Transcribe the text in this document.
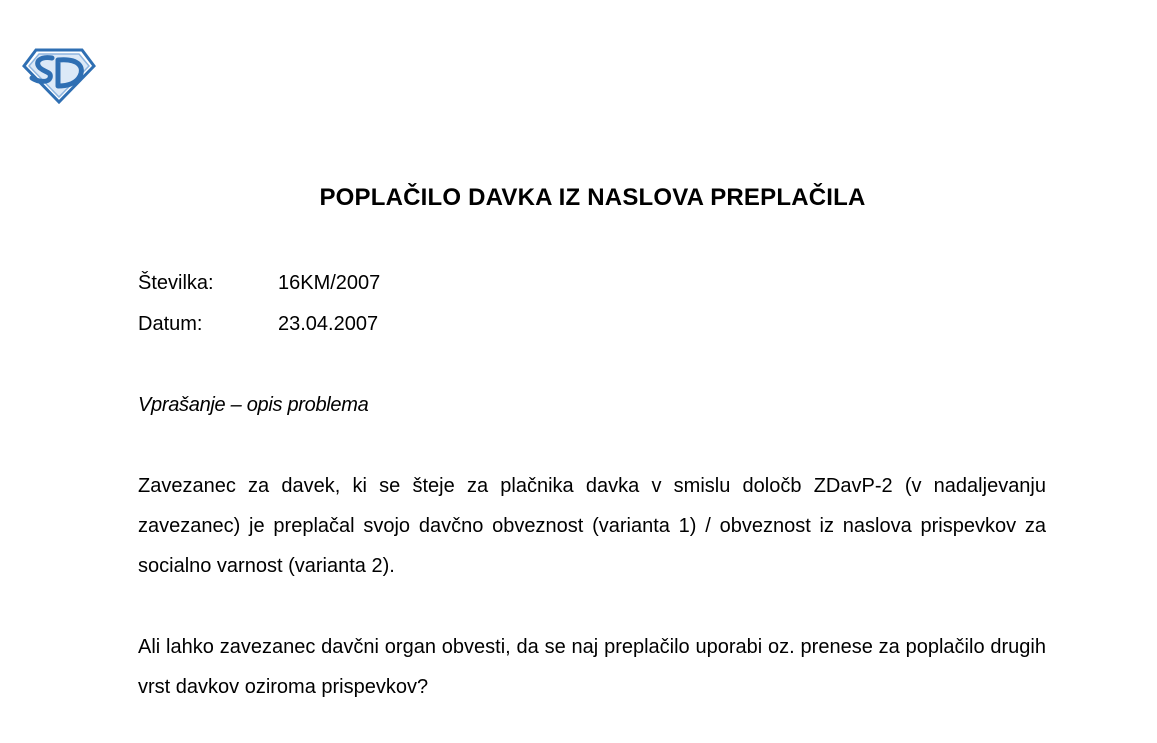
POPLAČILO DAVKA IZ NASLOVA PREPLAČILA
Številka:	16KM/2007
Datum:	23.04.2007
Vprašanje – opis problema
Zavezanec za davek, ki se šteje za plačnika davka v smislu določb ZDavP-2 (v nadaljevanju zavezanec) je preplačal svojo davčno obveznost (varianta 1) / obveznost iz naslova prispevkov za socialno varnost (varianta 2).
Ali lahko zavezanec davčni organ obvesti, da se naj preplačilo uporabi oz. prenese za poplačilo drugih vrst davkov oziroma prispevkov?
